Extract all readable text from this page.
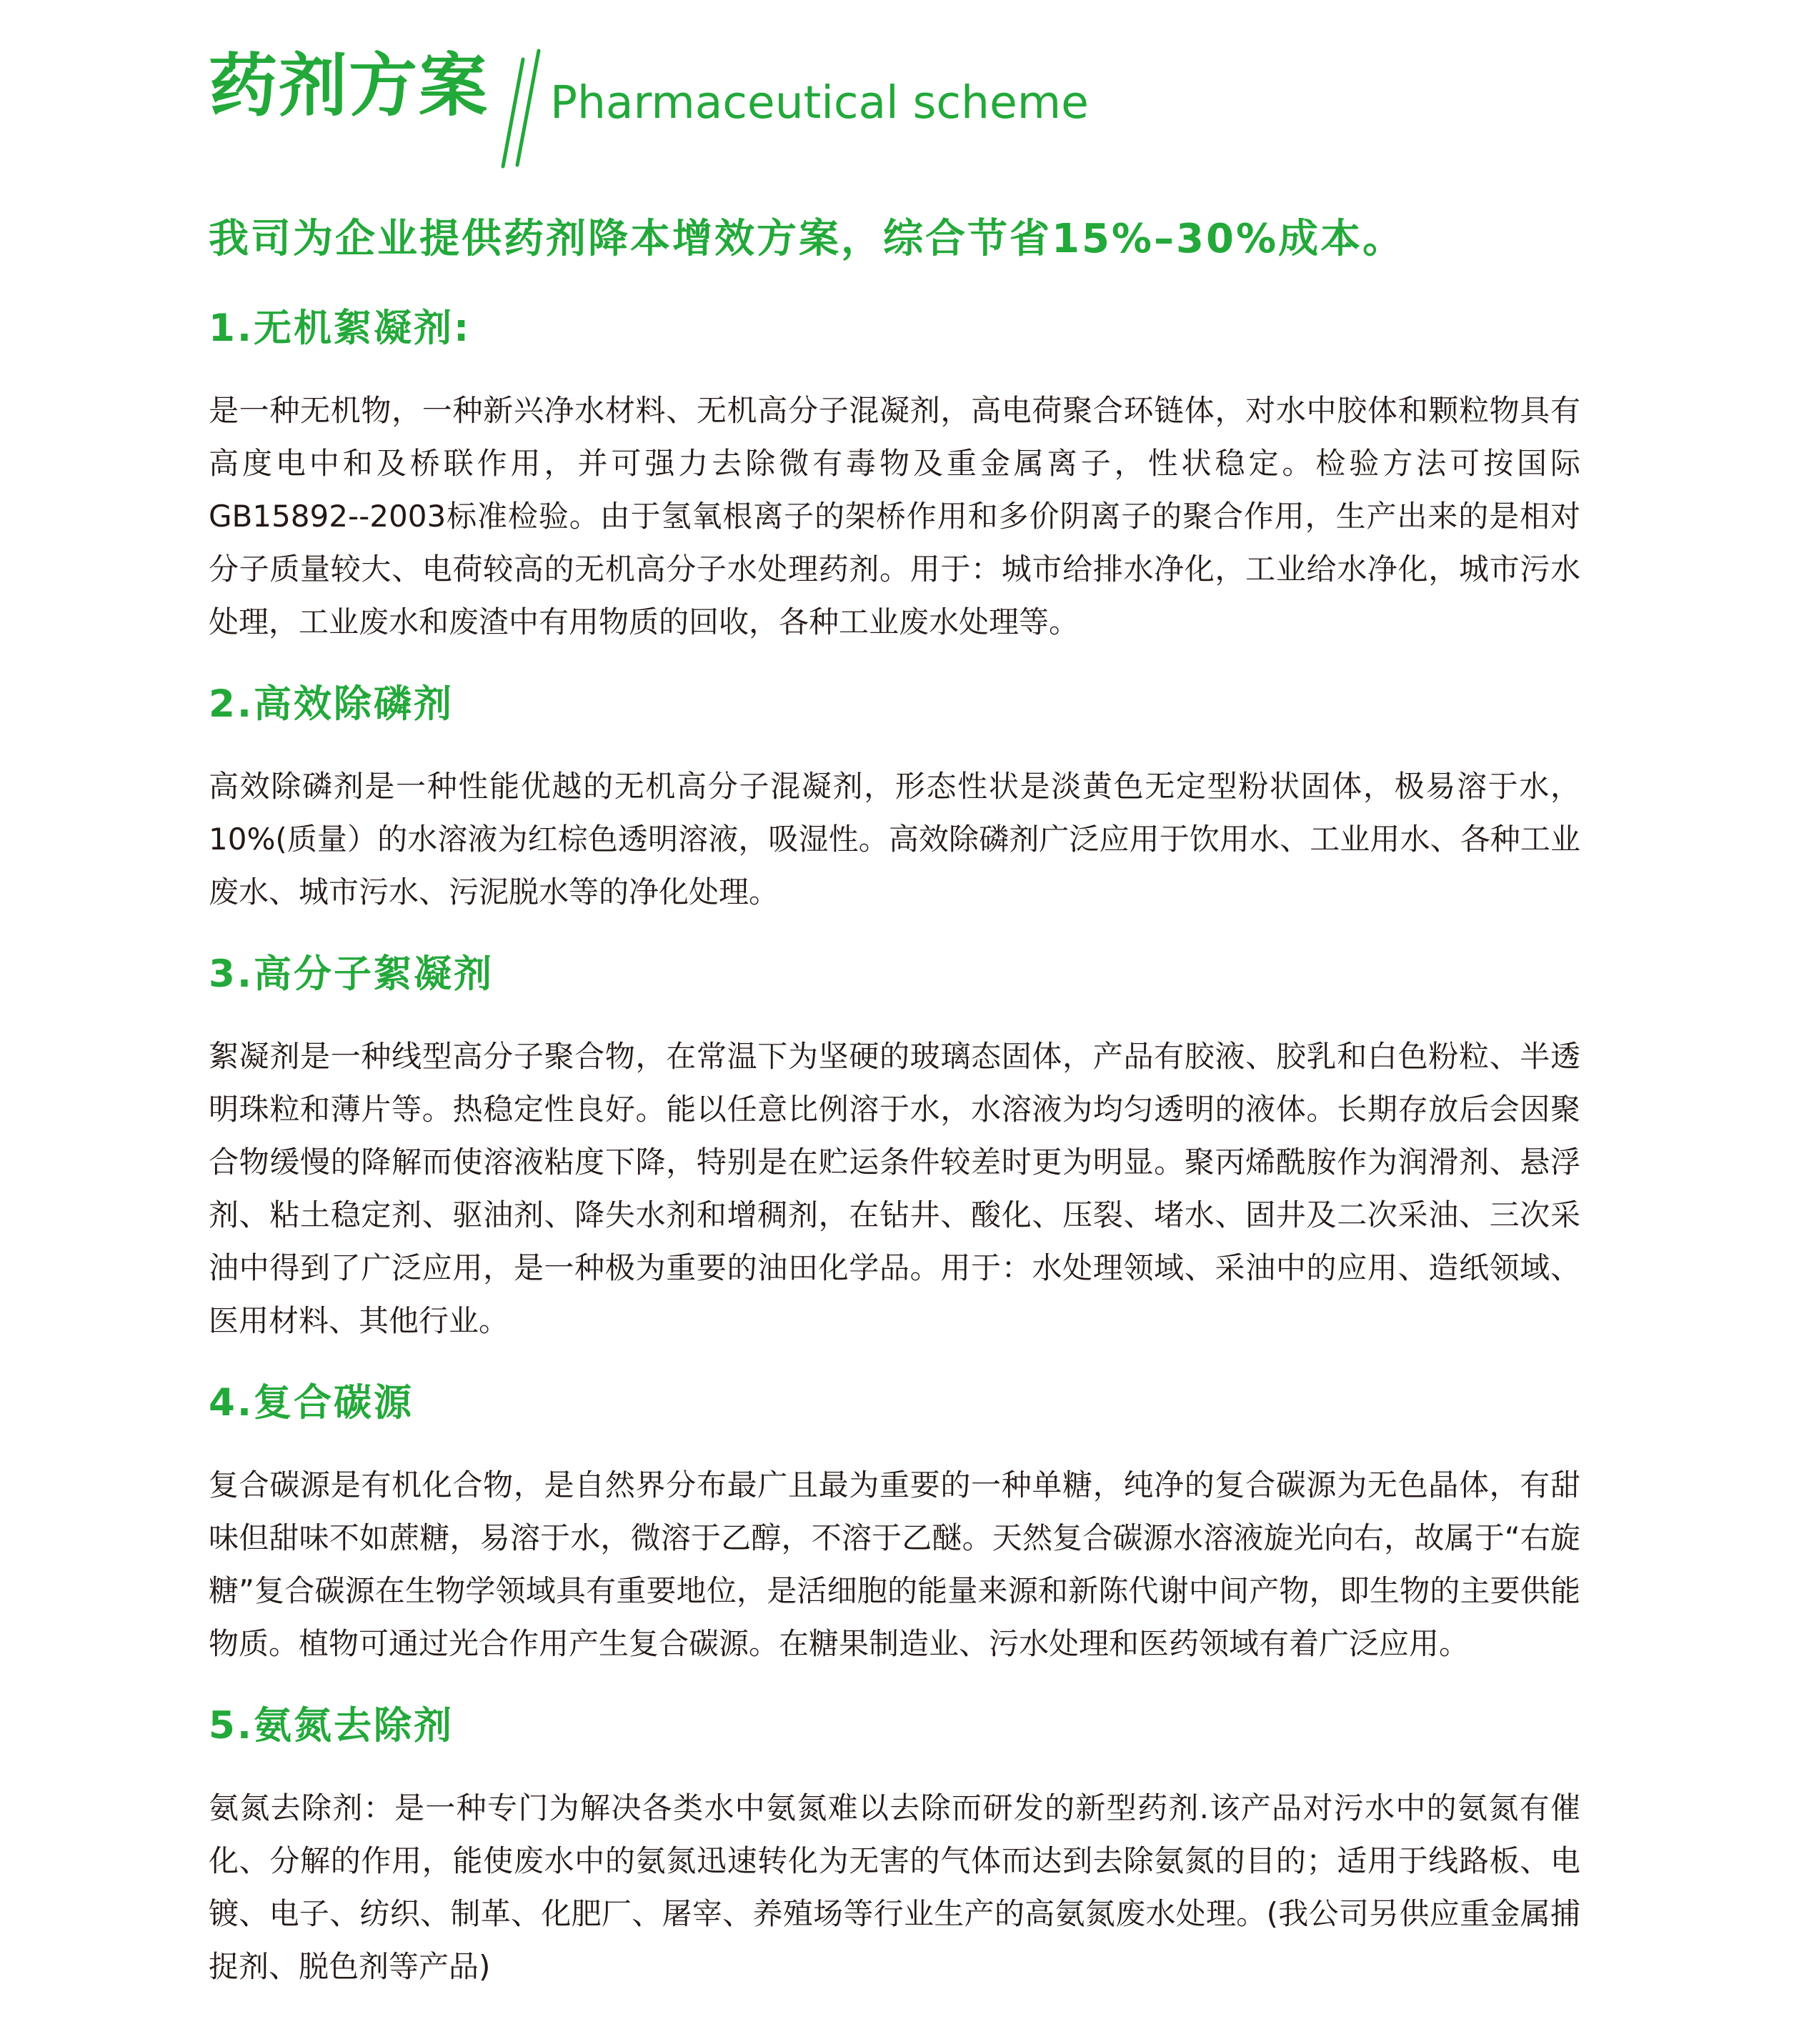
药剂方案 Pharmaceutical scheme

我司为企业提供药剂降本增效方案，综合节省15%–30%成本。

1.无机絮凝剂:

是一种无机物，一种新兴净水材料、无机高分子混凝剂，高电荷聚合环链体，对水中胶体和颗粒物具有高度电中和及桥联作用，并可强力去除微有毒物及重金属离子，性状稳定。检验方法可按国际GB15892--2003标准检验。由于氢氧根离子的架桥作用和多价阴离子的聚合作用，生产出来的是相对分子质量较大、电荷较高的无机高分子水处理药剂。用于：城市给排水净化，工业给水净化，城市污水处理，工业废水和废渣中有用物质的回收，各种工业废水处理等。

2.高效除磷剂

高效除磷剂是一种性能优越的无机高分子混凝剂，形态性状是淡黄色无定型粉状固体，极易溶于水，10%(质量）的水溶液为红棕色透明溶液，吸湿性。高效除磷剂广泛应用于饮用水、工业用水、各种工业废水、城市污水、污泥脱水等的净化处理。

3.高分子絮凝剂

絮凝剂是一种线型高分子聚合物，在常温下为坚硬的玻璃态固体，产品有胶液、胶乳和白色粉粒、半透明珠粒和薄片等。热稳定性良好。能以任意比例溶于水，水溶液为均匀透明的液体。长期存放后会因聚合物缓慢的降解而使溶液粘度下降，特别是在贮运条件较差时更为明显。聚丙烯酰胺作为润滑剂、悬浮剂、粘土稳定剂、驱油剂、降失水剂和增稠剂，在钻井、酸化、压裂、堵水、固井及二次采油、三次采油中得到了广泛应用，是一种极为重要的油田化学品。用于：水处理领域、采油中的应用、造纸领域、医用材料、其他行业。

4.复合碳源

复合碳源是有机化合物，是自然界分布最广且最为重要的一种单糖，纯净的复合碳源为无色晶体，有甜味但甜味不如蔗糖，易溶于水，微溶于乙醇，不溶于乙醚。天然复合碳源水溶液旋光向右，故属于“右旋糖”复合碳源在生物学领域具有重要地位，是活细胞的能量来源和新陈代谢中间产物，即生物的主要供能物质。植物可通过光合作用产生复合碳源。在糖果制造业、污水处理和医药领域有着广泛应用。

5.氨氮去除剂

氨氮去除剂：是一种专门为解决各类水中氨氮难以去除而研发的新型药剂.该产品对污水中的氨氮有催化、分解的作用，能使废水中的氨氮迅速转化为无害的气体而达到去除氨氮的目的；适用于线路板、电镀、电子、纺织、制革、化肥厂、屠宰、养殖场等行业生产的高氨氮废水处理。(我公司另供应重金属捕捉剂、脱色剂等产品)
